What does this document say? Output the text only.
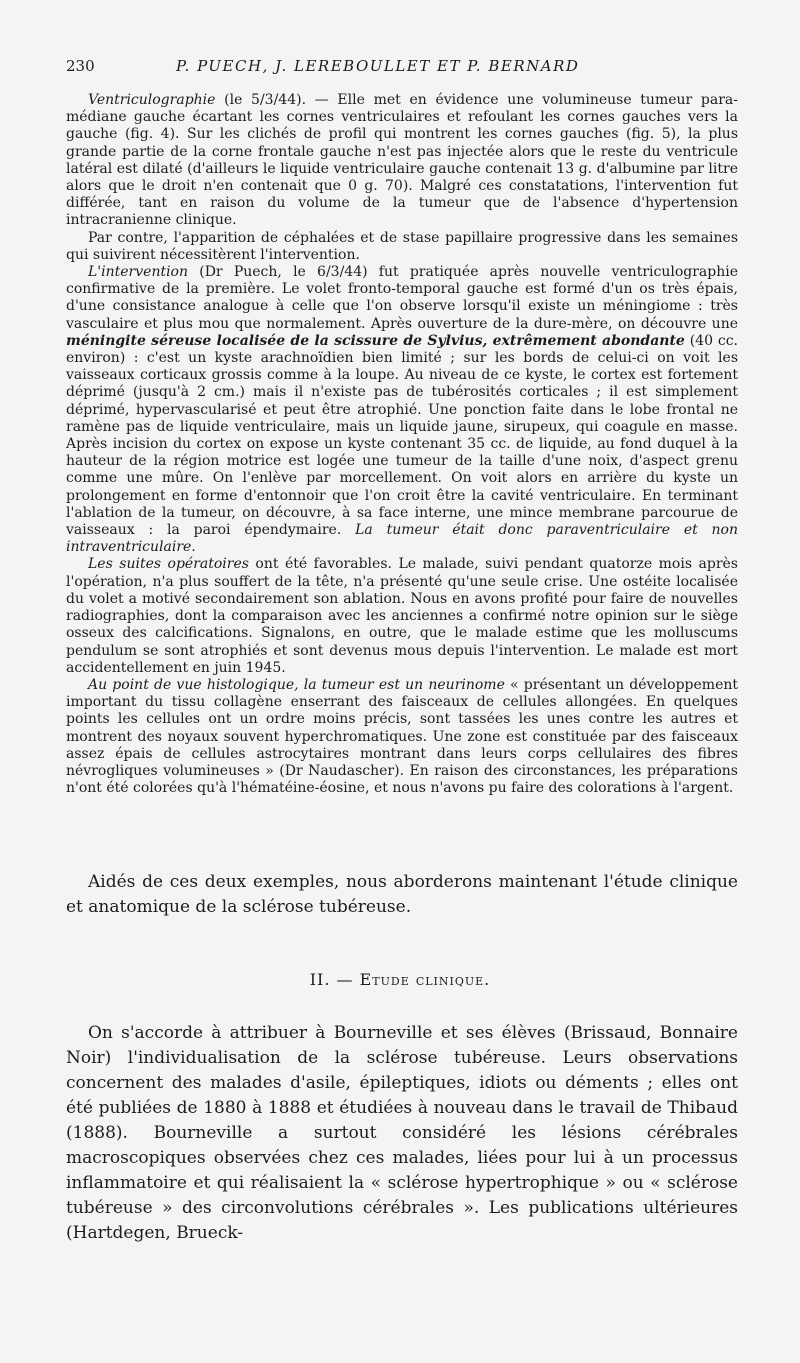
230	P. PUECH, J. LEREBOULLET ET P. BERNARD

Ventriculographie (le 5/3/44). — Elle met en évidence une volumineuse tumeur para-médiane gauche écartant les cornes ventriculaires et refoulant les cornes gauches vers la gauche (fig. 4). Sur les clichés de profil qui montrent les cornes gauches (fig. 5), la plus grande partie de la corne frontale gauche n'est pas injectée alors que le reste du ventricule latéral est dilaté (d'ailleurs le liquide ventriculaire gauche contenait 13 g. d'albumine par litre alors que le droit n'en contenait que 0 g. 70). Malgré ces constatations, l'intervention fut différée, tant en raison du volume de la tumeur que de l'absence d'hypertension intracranienne clinique.

Par contre, l'apparition de céphalées et de stase papillaire progressive dans les semaines qui suivirent nécessitèrent l'intervention.

L'intervention (Dr Puech, le 6/3/44) fut pratiquée après nouvelle ventriculographie confirmative de la première. Le volet fronto-temporal gauche est formé d'un os très épais, d'une consistance analogue à celle que l'on observe lorsqu'il existe un méningiome : très vasculaire et plus mou que normalement. Après ouverture de la dure-mère, on découvre une méningite séreuse localisée de la scissure de Sylvius, extrêmement abondante (40 cc. environ) : c'est un kyste arachnoïdien bien limité ; sur les bords de celui-ci on voit les vaisseaux corticaux grossis comme à la loupe. Au niveau de ce kyste, le cortex est fortement déprimé (jusqu'à 2 cm.) mais il n'existe pas de tubérosités corticales ; il est simplement déprimé, hypervascularisé et peut être atrophié. Une ponction faite dans le lobe frontal ne ramène pas de liquide ventriculaire, mais un liquide jaune, sirupeux, qui coagule en masse. Après incision du cortex on expose un kyste contenant 35 cc. de liquide, au fond duquel à la hauteur de la région motrice est logée une tumeur de la taille d'une noix, d'aspect grenu comme une mûre. On l'enlève par morcellement. On voit alors en arrière du kyste un prolongement en forme d'entonnoir que l'on croit être la cavité ventriculaire. En terminant l'ablation de la tumeur, on découvre, à sa face interne, une mince membrane parcourue de vaisseaux : la paroi épendymaire. La tumeur était donc paraventriculaire et non intraventriculaire.

Les suites opératoires ont été favorables. Le malade, suivi pendant quatorze mois après l'opération, n'a plus souffert de la tête, n'a présenté qu'une seule crise. Une ostéite localisée du volet a motivé secondairement son ablation. Nous en avons profité pour faire de nouvelles radiographies, dont la comparaison avec les anciennes a confirmé notre opinion sur le siège osseux des calcifications. Signalons, en outre, que le malade estime que les molluscums pendulum se sont atrophiés et sont devenus mous depuis l'intervention. Le malade est mort accidentellement en juin 1945.

Au point de vue histologique, la tumeur est un neurinome « présentant un développement important du tissu collagène enserrant des faisceaux de cellules allongées. En quelques points les cellules ont un ordre moins précis, sont tassées les unes contre les autres et montrent des noyaux souvent hyperchromatiques. Une zone est constituée par des faisceaux assez épais de cellules astrocytaires montrant dans leurs corps cellulaires des fibres névrogliques volumineuses » (Dr Naudascher). En raison des circonstances, les préparations n'ont été colorées qu'à l'hématéine-éosine, et nous n'avons pu faire des colorations à l'argent.

Aidés de ces deux exemples, nous aborderons maintenant l'étude clinique et anatomique de la sclérose tubéreuse.

II. — Etude clinique.

On s'accorde à attribuer à Bourneville et ses élèves (Brissaud, Bonnaire Noir) l'individualisation de la sclérose tubéreuse. Leurs observations concernent des malades d'asile, épileptiques, idiots ou déments ; elles ont été publiées de 1880 à 1888 et étudiées à nouveau dans le travail de Thibaud (1888). Bourneville a surtout considéré les lésions cérébrales macroscopiques observées chez ces malades, liées pour lui à un processus inflammatoire et qui réalisaient la « sclérose hypertrophique » ou « sclérose tubéreuse » des circonvolutions cérébrales ». Les publications ultérieures (Hartdegen, Brueck-
